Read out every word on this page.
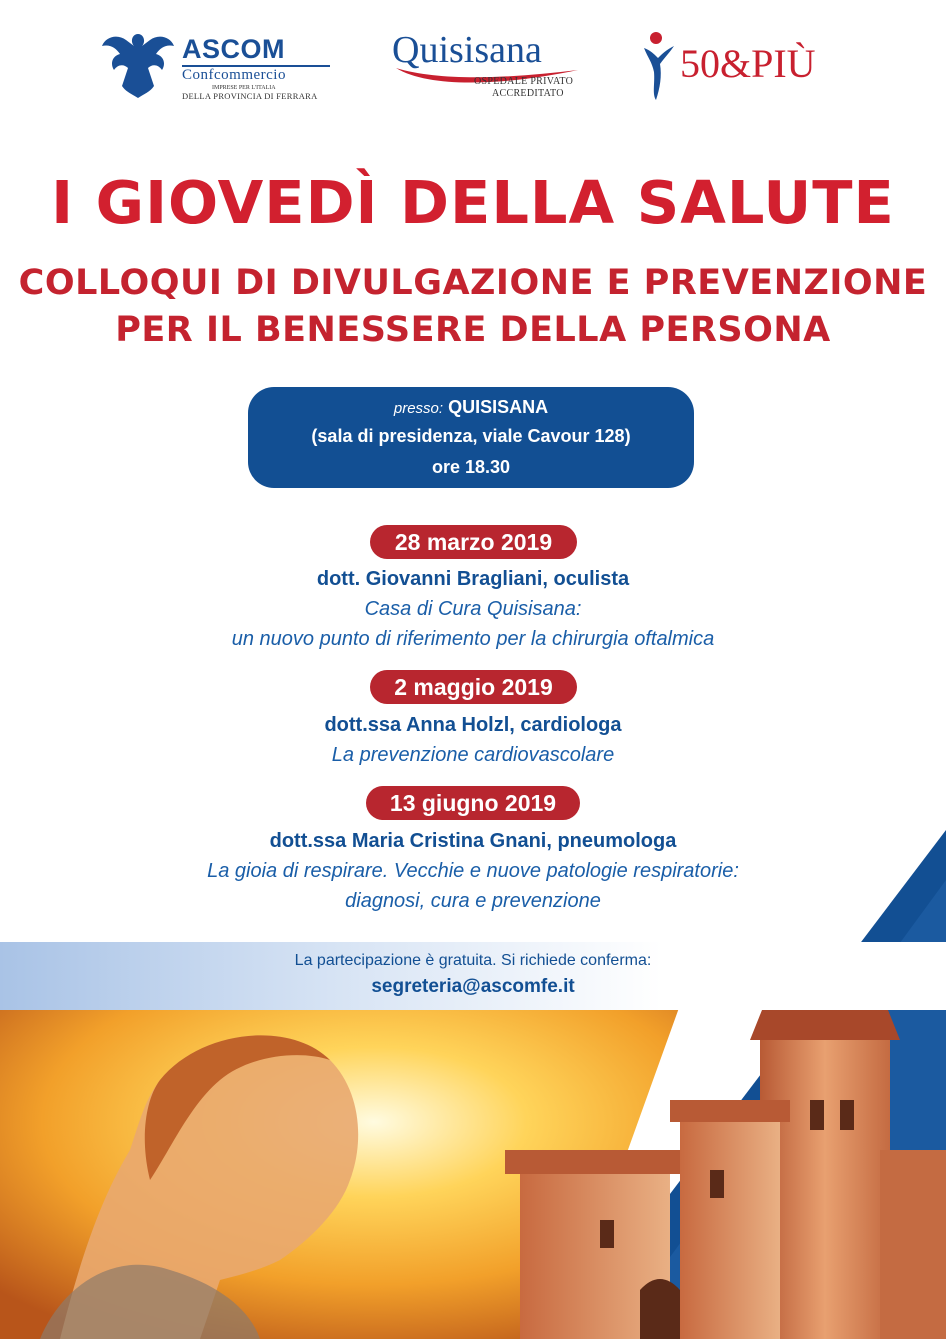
ASCOM
Confcommercio
IMPRESE PER L'ITALIA
DELLA PROVINCIA DI FERRARA
Quisisana
OSPEDALE PRIVATO
ACCREDITATO
50&PIÙ
I GIOVEDÌ DELLA SALUTE
COLLOQUI DI DIVULGAZIONE E PREVENZIONE
PER IL BENESSERE DELLA PERSONA
presso: QUISISANA
(sala di presidenza, viale Cavour 128)
ore 18.30
28 marzo 2019
dott. Giovanni Bragliani, oculista
Casa di Cura Quisisana:
un nuovo punto di riferimento per la chirurgia oftalmica
2 maggio 2019
dott.ssa Anna Holzl, cardiologa
La prevenzione cardiovascolare
13 giugno 2019
dott.ssa Maria Cristina Gnani, pneumologa
La gioia di respirare. Vecchie e nuove patologie respiratorie:
diagnosi, cura e prevenzione
La partecipazione è gratuita. Si richiede conferma:
segreteria@ascomfe.it
